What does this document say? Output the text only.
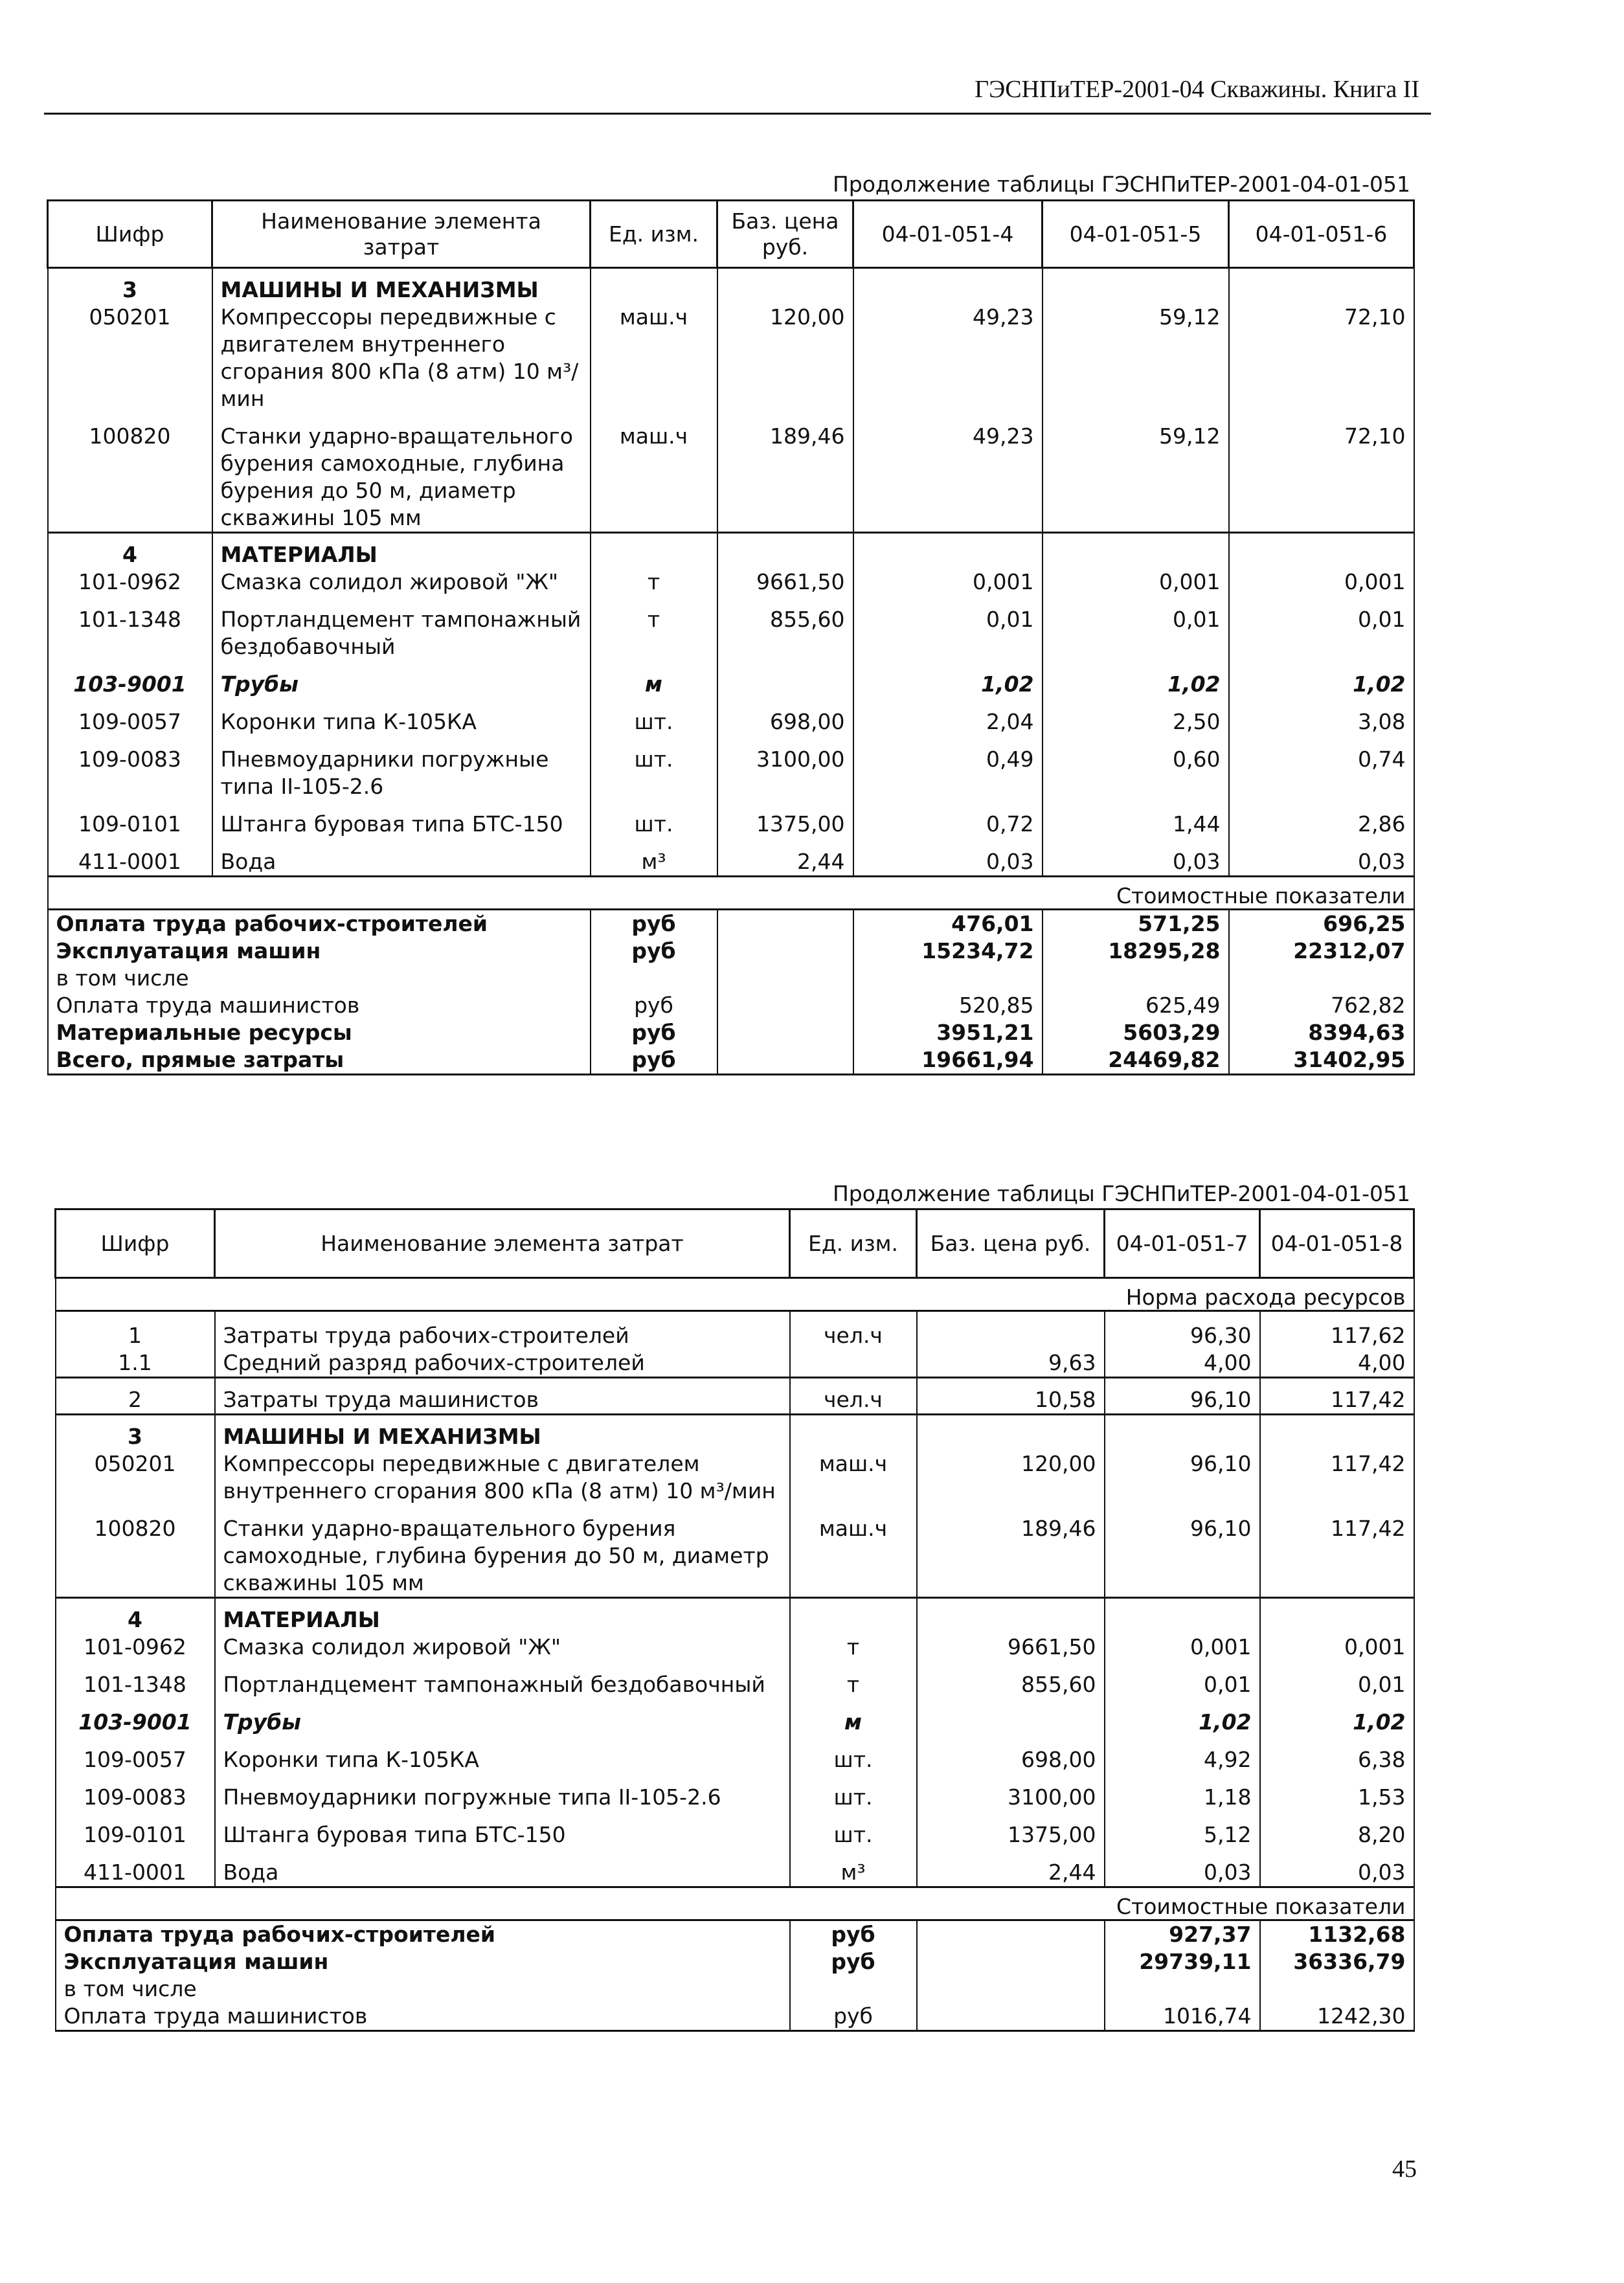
ГЭСНПиТЕР-2001-04 Скважины. Книга II
Продолжение таблицы ГЭСНПиТЕР-2001-04-01-051
Шифр	Наименование элемента затрат	Ед. изм.	Баз. цена руб.	04-01-051-4	04-01-051-5	04-01-051-6
3	МАШИНЫ И МЕХАНИЗМЫ					
050201	Компрессоры передвижные с двигателем внутреннего сгорания 800 кПа (8 атм) 10 м³/мин	маш.ч	120,00	49,23	59,12	72,10
100820	Станки ударно-вращательного бурения самоходные, глубина бурения до 50 м, диаметр скважины 105 мм	маш.ч	189,46	49,23	59,12	72,10
4	МАТЕРИАЛЫ					
101-0962	Смазка солидол жировой "Ж"	т	9661,50	0,001	0,001	0,001
101-1348	Портландцемент тампонажный бездобавочный	т	855,60	0,01	0,01	0,01
103-9001	Трубы	м		1,02	1,02	1,02
109-0057	Коронки типа К-105КА	шт.	698,00	2,04	2,50	3,08
109-0083	Пневмоударники погружные типа II-105-2.6	шт.	3100,00	0,49	0,60	0,74
109-0101	Штанга буровая типа БТС-150	шт.	1375,00	0,72	1,44	2,86
411-0001	Вода	м³	2,44	0,03	0,03	0,03
Стоимостные показатели						
Оплата труда рабочих-строителей		руб		476,01	571,25	696,25
Эксплуатация машин		руб		15234,72	18295,28	22312,07
в том числе						
Оплата труда машинистов		руб		520,85	625,49	762,82
Материальные ресурсы		руб		3951,21	5603,29	8394,63
Всего, прямые затраты		руб		19661,94	24469,82	31402,95
Продолжение таблицы ГЭСНПиТЕР-2001-04-01-051
Шифр	Наименование элемента затрат	Ед. изм.	Баз. цена руб.	04-01-051-7	04-01-051-8
Норма расхода ресурсов					
1	Затраты труда рабочих-строителей	чел.ч		96,30	117,62
1.1	Средний разряд рабочих-строителей		9,63	4,00	4,00
2	Затраты труда машинистов	чел.ч	10,58	96,10	117,42
3	МАШИНЫ И МЕХАНИЗМЫ				
050201	Компрессоры передвижные с двигателем внутреннего сгорания 800 кПа (8 атм) 10 м³/мин	маш.ч	120,00	96,10	117,42
100820	Станки ударно-вращательного бурения самоходные, глубина бурения до 50 м, диаметр скважины 105 мм	маш.ч	189,46	96,10	117,42
4	МАТЕРИАЛЫ				
101-0962	Смазка солидол жировой "Ж"	т	9661,50	0,001	0,001
101-1348	Портландцемент тампонажный бездобавочный	т	855,60	0,01	0,01
103-9001	Трубы	м		1,02	1,02
109-0057	Коронки типа К-105КА	шт.	698,00	4,92	6,38
109-0083	Пневмоударники погружные типа II-105-2.6	шт.	3100,00	1,18	1,53
109-0101	Штанга буровая типа БТС-150	шт.	1375,00	5,12	8,20
411-0001	Вода	м³	2,44	0,03	0,03
Стоимостные показатели					
Оплата труда рабочих-строителей		руб		927,37	1132,68
Эксплуатация машин		руб		29739,11	36336,79
в том числе					
Оплата труда машинистов		руб		1016,74	1242,30
45
